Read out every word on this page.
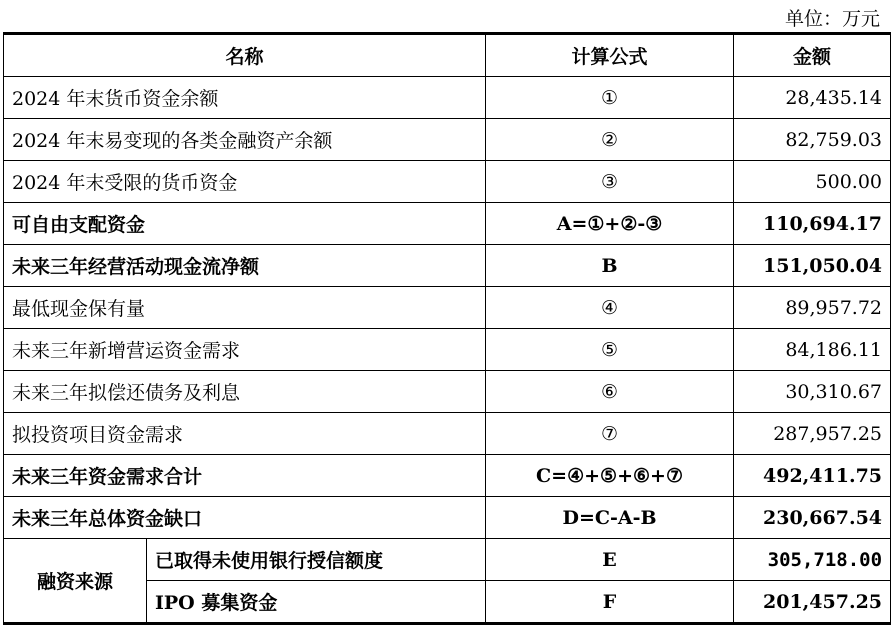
单位：万元
名称		计算公式	金额
2024 年末货币资金余额		①	28,435.14
2024 年末易变现的各类金融资产余额		②	82,759.03
2024 年末受限的货币资金		③	500.00
可自由支配资金		A=①+②-③	110,694.17
未来三年经营活动现金流净额		B	151,050.04
最低现金保有量		④	89,957.72
未来三年新增营运资金需求		⑤	84,186.11
未来三年拟偿还债务及利息		⑥	30,310.67
拟投资项目资金需求		⑦	287,957.25
未来三年资金需求合计		C=④+⑤+⑥+⑦	492,411.75
未来三年总体资金缺口		D=C-A-B	230,667.54
融资来源	已取得未使用银行授信额度	E	305,718.00
	IPO 募集资金	F	201,457.25
